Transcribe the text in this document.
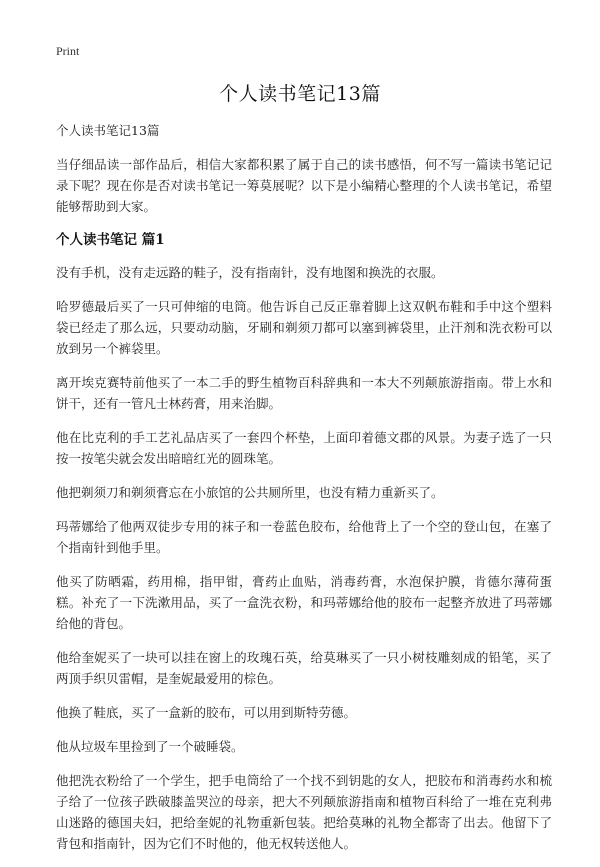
Print
个人读书笔记13篇

个人读书笔记13篇

当仔细品读一部作品后，相信大家都积累了属于自己的读书感悟，何不写一篇读书笔记记录下呢？现在你是否对读书笔记一筹莫展呢？以下是小编精心整理的个人读书笔记，希望能够帮助到大家。

个人读书笔记 篇1

没有手机，没有走远路的鞋子，没有指南针，没有地图和换洗的衣服。

哈罗德最后买了一只可伸缩的电筒。他告诉自己反正靠着脚上这双帆布鞋和手中这个塑料袋已经走了那么远，只要动动脑，牙刷和剃须刀都可以塞到裤袋里，止汗剂和洗衣粉可以放到另一个裤袋里。

离开埃克赛特前他买了一本二手的野生植物百科辞典和一本大不列颠旅游指南。带上水和饼干，还有一管凡士林药膏，用来治脚。

他在比克利的手工艺礼品店买了一套四个杯垫，上面印着德文郡的风景。为妻子选了一只按一按笔尖就会发出暗暗红光的圆珠笔。

他把剃须刀和剃须膏忘在小旅馆的公共厕所里，也没有精力重新买了。

玛蒂娜给了他两双徒步专用的袜子和一卷蓝色胶布，给他背上了一个空的登山包，在塞了个指南针到他手里。

他买了防晒霜，药用棉，指甲钳，膏药止血贴，消毒药膏，水泡保护膜，肯德尔薄荷蛋糕。补充了一下洗漱用品，买了一盒洗衣粉，和玛蒂娜给他的胶布一起整齐放进了玛蒂娜给他的背包。

他给奎妮买了一块可以挂在窗上的玫瑰石英，给莫琳买了一只小树枝雕刻成的铅笔，买了两顶手织贝雷帽，是奎妮最爱用的棕色。

他换了鞋底，买了一盒新的胶布，可以用到斯特劳德。

他从垃圾车里捡到了一个破睡袋。

他把洗衣粉给了一个学生，把手电筒给了一个找不到钥匙的女人，把胶布和消毒药水和梳子给了一位孩子跌破膝盖哭泣的母亲，把大不列颠旅游指南和植物百科给了一堆在克利弗山迷路的德国夫妇，把给奎妮的礼物重新包装。把给莫琳的礼物全都寄了出去。他留下了背包和指南针，因为它们不时他的，他无权转送他人。
